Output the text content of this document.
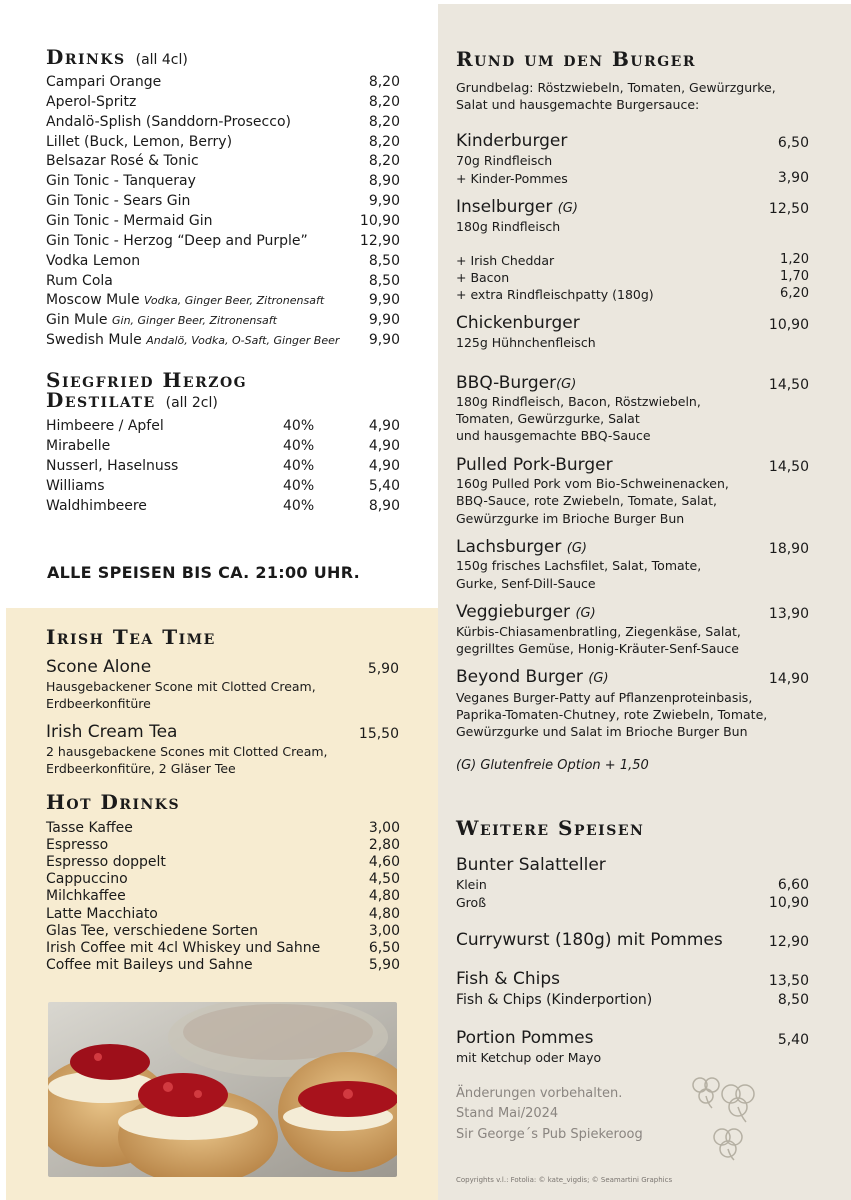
Drinks (all 4cl)
Campari Orange	8,20
Aperol-Spritz	8,20
Andalö-Splish (Sanddorn-Prosecco)	8,20
Lillet (Buck, Lemon, Berry)	8,20
Belsazar Rosé & Tonic	8,20
Gin Tonic - Tanqueray	8,90
Gin Tonic - Sears Gin	9,90
Gin Tonic - Mermaid Gin	10,90
Gin Tonic - Herzog “Deep and Purple”	12,90
Vodka Lemon	8,50
Rum Cola	8,50
Moscow Mule Vodka, Ginger Beer, Zitronensaft	9,90
Gin Mule Gin, Ginger Beer, Zitronensaft	9,90
Swedish Mule Andalö, Vodka, O-Saft, Ginger Beer 9,90
Siegfried Herzog
Destilate (all 2cl)
Himbeere / Apfel	40%	4,90
Mirabelle	40%	4,90
Nusserl, Haselnuss	40%	4,90
Williams	40%	5,40
Waldhimbeere	40%	8,90
ALLE SPEISEN BIS CA. 21:00 UHR.
Irish Tea Time
Scone Alone	5,90
Hausgebackener Scone mit Clotted Cream,
Erdbeerkonfitüre
Irish Cream Tea	15,50
2 hausgebackene Scones mit Clotted Cream,
Erdbeerkonfitüre, 2 Gläser Tee
Hot Drinks
Tasse Kaffee	3,00
Espresso	2,80
Espresso doppelt	4,60
Cappuccino	4,50
Milchkaffee	4,80
Latte Macchiato	4,80
Glas Tee, verschiedene Sorten	3,00
Irish Coffee mit 4cl Whiskey und Sahne	6,50
Coffee mit Baileys und Sahne	5,90
Rund um den Burger
Grundbelag: Röstzwiebeln, Tomaten, Gewürzgurke,
Salat und hausgemachte Burgersauce:
Kinderburger	6,50
70g Rindfleisch
+ Kinder-Pommes	3,90
Inselburger (G)	12,50
180g Rindfleisch
+ Irish Cheddar	1,20
+ Bacon	1,70
+ extra Rindfleischpatty (180g)	6,20
Chickenburger	10,90
125g Hühnchenfleisch
BBQ-Burger(G)	14,50
180g Rindfleisch, Bacon, Röstzwiebeln,
Tomaten, Gewürzgurke, Salat
und hausgemachte BBQ-Sauce
Pulled Pork-Burger	14,50
160g Pulled Pork vom Bio-Schweinenacken,
BBQ-Sauce, rote Zwiebeln, Tomate, Salat,
Gewürzgurke im Brioche Burger Bun
Lachsburger (G)	18,90
150g frisches Lachsfilet, Salat, Tomate,
Gurke, Senf-Dill-Sauce
Veggieburger (G)	13,90
Kürbis-Chiasamenbratling, Ziegenkäse, Salat,
gegrilltes Gemüse, Honig-Kräuter-Senf-Sauce
Beyond Burger (G)	14,90
Veganes Burger-Patty auf Pflanzenproteinbasis,
Paprika-Tomaten-Chutney, rote Zwiebeln, Tomate,
Gewürzgurke und Salat im Brioche Burger Bun
(G) Glutenfreie Option + 1,50
Weitere Speisen
Bunter Salatteller
Klein	6,60
Groß	10,90
Currywurst (180g) mit Pommes	12,90
Fish & Chips	13,50
Fish & Chips (Kinderportion)	8,50
Portion Pommes	5,40
mit Ketchup oder Mayo
Änderungen vorbehalten.
Stand Mai/2024
Sir George´s Pub Spiekeroog
Copyrights v.l.: Fotolia: © kate_vigdis; © Seamartini Graphics
